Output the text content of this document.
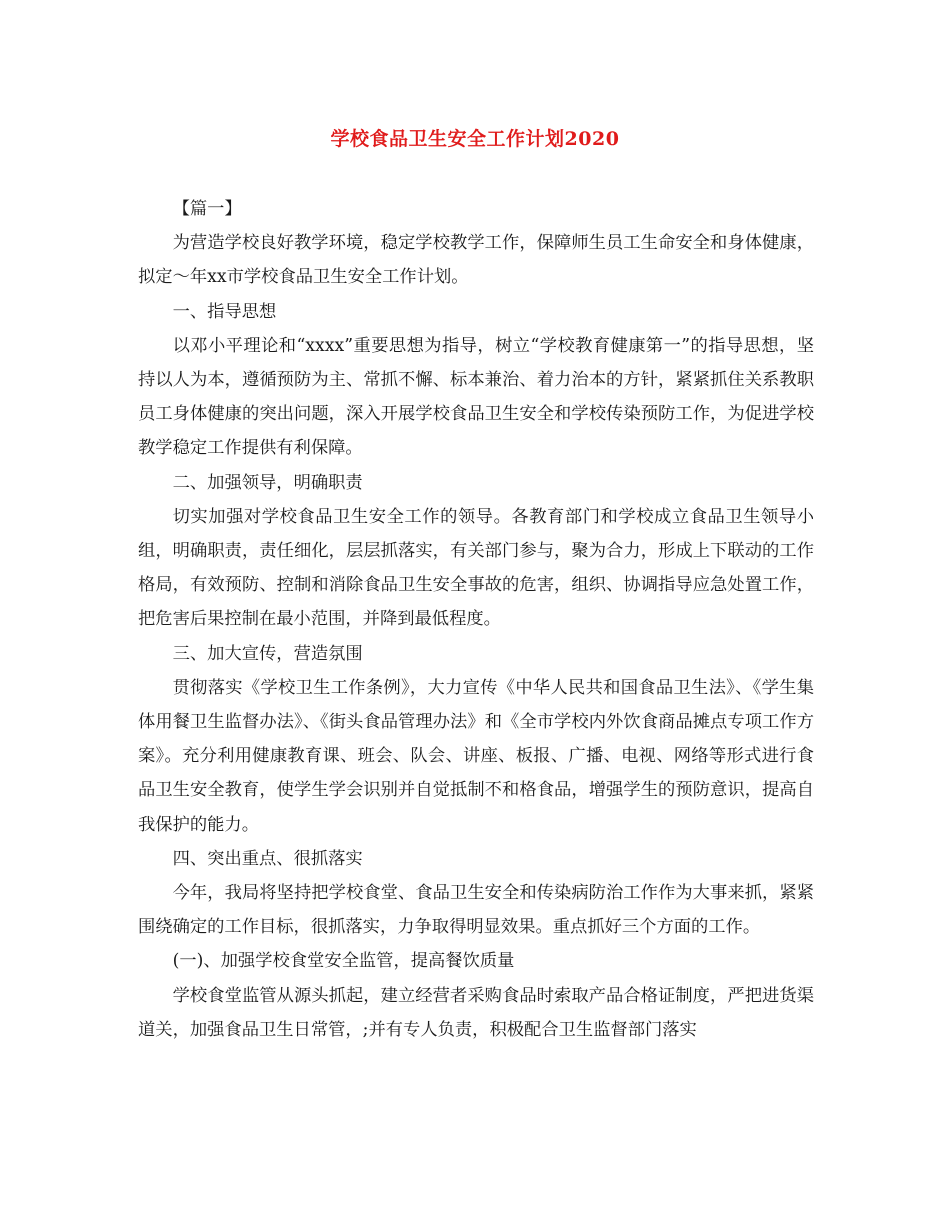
学校食品卫生安全工作计划2020

【篇一】

为营造学校良好教学环境，稳定学校教学工作，保障师生员工生命安全和身体健康，拟定～年xx市学校食品卫生安全工作计划。

一、指导思想

以邓小平理论和“xxxx”重要思想为指导，树立“学校教育健康第一”的指导思想，坚持以人为本，遵循预防为主、常抓不懈、标本兼治、着力治本的方针，紧紧抓住关系教职员工身体健康的突出问题，深入开展学校食品卫生安全和学校传染预防工作，为促进学校教学稳定工作提供有利保障。

二、加强领导，明确职责

切实加强对学校食品卫生安全工作的领导。各教育部门和学校成立食品卫生领导小组，明确职责，责任细化，层层抓落实，有关部门参与，聚为合力，形成上下联动的工作格局，有效预防、控制和消除食品卫生安全事故的危害，组织、协调指导应急处置工作，把危害后果控制在最小范围，并降到最低程度。

三、加大宣传，营造氛围

贯彻落实《学校卫生工作条例》，大力宣传《中华人民共和国食品卫生法》、《学生集体用餐卫生监督办法》、《街头食品管理办法》和《全市学校内外饮食商品摊点专项工作方案》。充分利用健康教育课、班会、队会、讲座、板报、广播、电视、网络等形式进行食品卫生安全教育，使学生学会识别并自觉抵制不和格食品，增强学生的预防意识，提高自我保护的能力。

四、突出重点、很抓落实

今年，我局将坚持把学校食堂、食品卫生安全和传染病防治工作作为大事来抓，紧紧围绕确定的工作目标，很抓落实，力争取得明显效果。重点抓好三个方面的工作。

(一)、加强学校食堂安全监管，提高餐饮质量

学校食堂监管从源头抓起，建立经营者采购食品时索取产品合格证制度，严把进货渠道关，加强食品卫生日常管，;并有专人负责，积极配合卫生监督部门落实
